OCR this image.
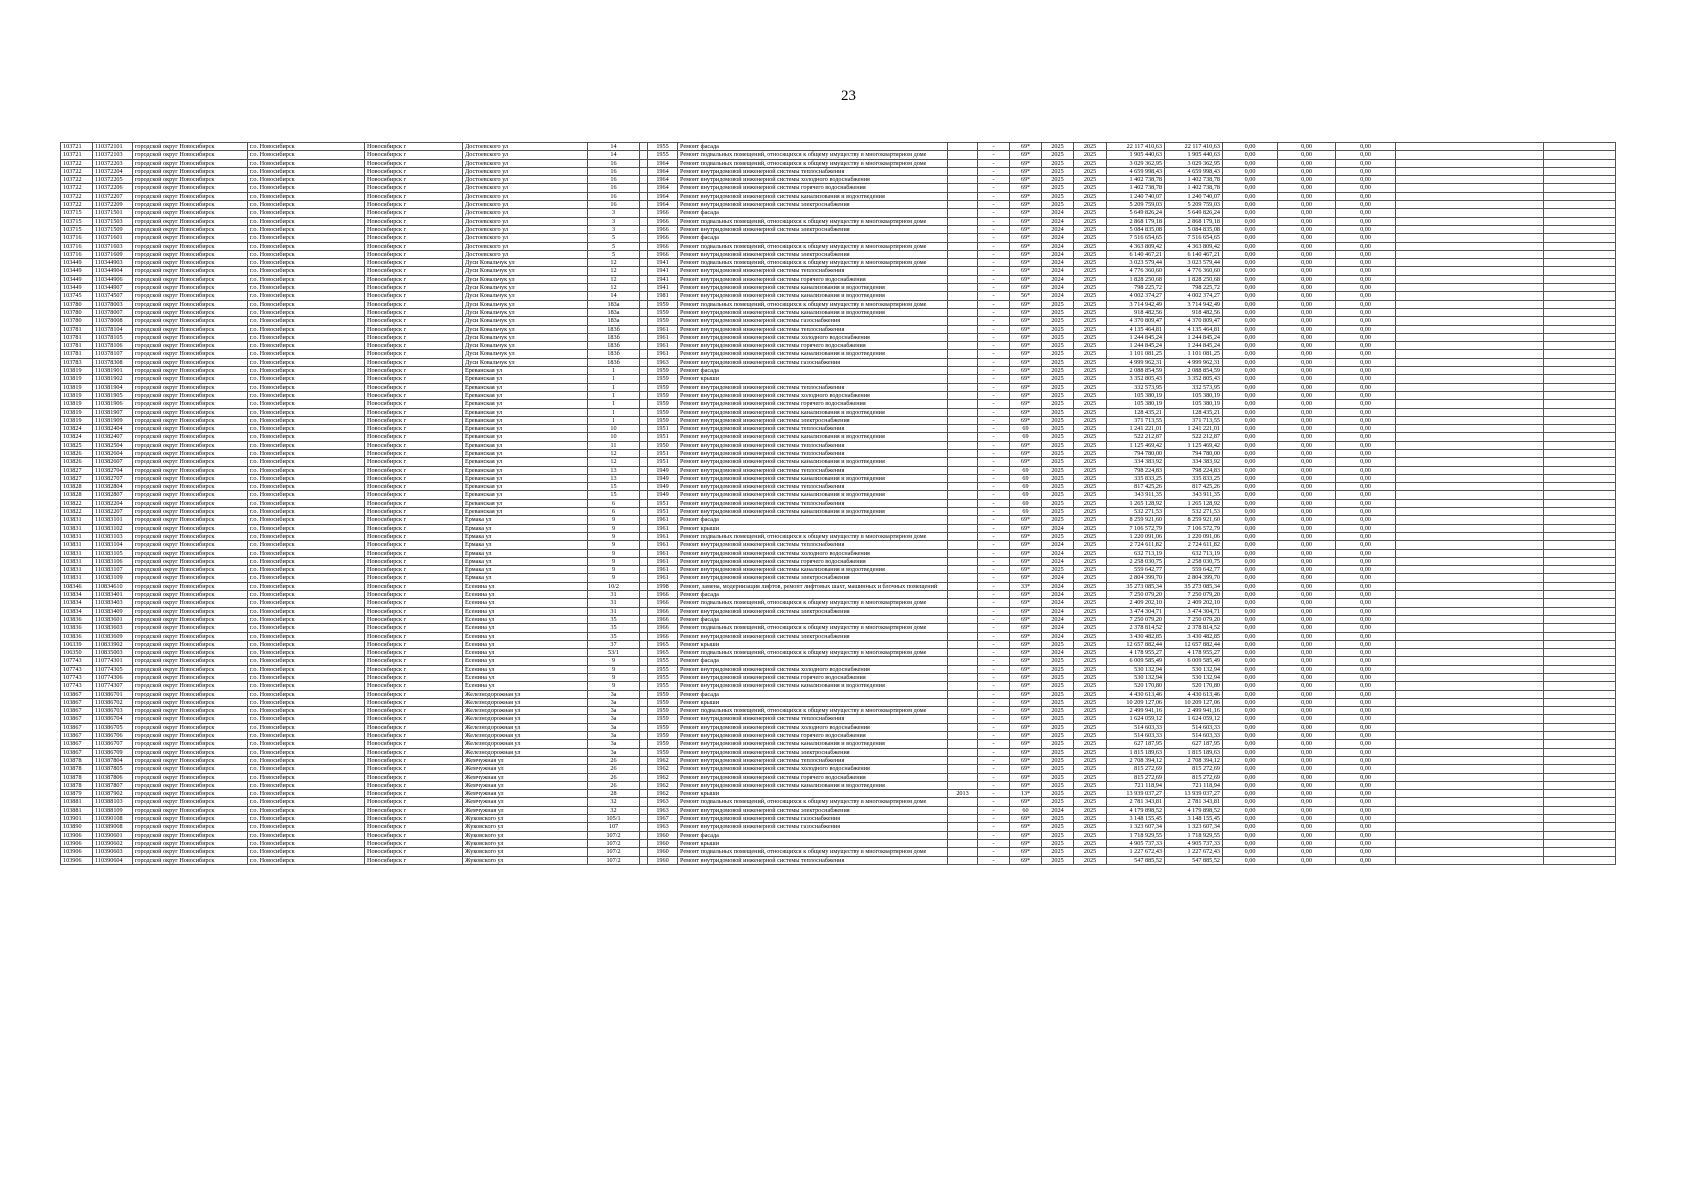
23
103721	110372101	городской округ Новосибирск	г.о. Новосибирск	Новосибирск г	Достоевского ул	14		1955	Ремонт фасада		-	69*	2025	2025	22 117 410,63	22 117 410,63	0,00	0,00	0,00		
103721	110372103	городской округ Новосибирск	г.о. Новосибирск	Новосибирск г	Достоевского ул	14		1955	Ремонт подвальных помещений, относящихся к общему имуществу в многоквартирном доме		-	69*	2025	2025	1 905 440,63	1 905 440,63	0,00	0,00	0,00		
103722	110372203	городской округ Новосибирск	г.о. Новосибирск	Новосибирск г	Достоевского ул	16		1964	Ремонт подвальных помещений, относящихся к общему имуществу в многоквартирном доме		-	69*	2025	2025	3 029 362,95	3 029 362,95	0,00	0,00	0,00		
103722	110372204	городской округ Новосибирск	г.о. Новосибирск	Новосибирск г	Достоевского ул	16		1964	Ремонт внутридомовой инженерной системы теплоснабжения		-	69*	2025	2025	4 659 998,43	4 659 998,43	0,00	0,00	0,00		
103722	110372205	городской округ Новосибирск	г.о. Новосибирск	Новосибирск г	Достоевского ул	16		1964	Ремонт внутридомовой инженерной системы холодного водоснабжения		-	69*	2025	2025	1 402 738,78	1 402 738,78	0,00	0,00	0,00		
103722	110372206	городской округ Новосибирск	г.о. Новосибирск	Новосибирск г	Достоевского ул	16		1964	Ремонт внутридомовой инженерной системы горячего водоснабжения		-	69*	2025	2025	1 402 738,78	1 402 738,78	0,00	0,00	0,00		
103722	110372207	городской округ Новосибирск	г.о. Новосибирск	Новосибирск г	Достоевского ул	16		1964	Ремонт внутридомовой инженерной системы канализования и водоотведения		-	69*	2025	2025	1 240 740,07	1 240 740,07	0,00	0,00	0,00		
103722	110372209	городской округ Новосибирск	г.о. Новосибирск	Новосибирск г	Достоевского ул	16		1964	Ремонт внутридомовой инженерной системы электроснабжения		-	69*	2025	2025	5 209 759,03	5 209 759,03	0,00	0,00	0,00		
103715	110371501	городской округ Новосибирск	г.о. Новосибирск	Новосибирск г	Достоевского ул	3		1966	Ремонт фасада		-	69*	2024	2025	5 649 826,24	5 649 826,24	0,00	0,00	0,00		
103715	110371503	городской округ Новосибирск	г.о. Новосибирск	Новосибирск г	Достоевского ул	3		1966	Ремонт подвальных помещений, относящихся к общему имуществу в многоквартирном доме		-	69*	2024	2025	2 868 179,18	2 868 179,18	0,00	0,00	0,00		
103715	110371509	городской округ Новосибирск	г.о. Новосибирск	Новосибирск г	Достоевского ул	3		1966	Ремонт внутридомовой инженерной системы электроснабжения		-	69*	2024	2025	5 084 835,08	5 084 835,08	0,00	0,00	0,00		
103716	110371601	городской округ Новосибирск	г.о. Новосибирск	Новосибирск г	Достоевского ул	5		1966	Ремонт фасада		-	69*	2024	2025	7 516 654,65	7 516 654,65	0,00	0,00	0,00		
103716	110371603	городской округ Новосибирск	г.о. Новосибирск	Новосибирск г	Достоевского ул	5		1966	Ремонт подвальных помещений, относящихся к общему имуществу в многоквартирном доме		-	69*	2024	2025	4 363 809,42	4 363 809,42	0,00	0,00	0,00		
103716	110371609	городской округ Новосибирск	г.о. Новосибирск	Новосибирск г	Достоевского ул	5		1966	Ремонт внутридомовой инженерной системы электроснабжения		-	69*	2024	2025	6 140 467,21	6 140 467,21	0,00	0,00	0,00		
103449	110344903	городской округ Новосибирск	г.о. Новосибирск	Новосибирск г	Дуси Ковальчук ул	12		1941	Ремонт подвальных помещений, относящихся к общему имуществу в многоквартирном доме		-	69*	2024	2025	3 023 579,44	3 023 579,44	0,00	0,00	0,00		
103449	110344904	городской округ Новосибирск	г.о. Новосибирск	Новосибирск г	Дуси Ковальчук ул	12		1941	Ремонт внутридомовой инженерной системы теплоснабжения		-	69*	2024	2025	4 776 360,60	4 776 360,60	0,00	0,00	0,00		
103449	110344906	городской округ Новосибирск	г.о. Новосибирск	Новосибирск г	Дуси Ковальчук ул	12		1941	Ремонт внутридомовой инженерной системы горячего водоснабжения		-	69*	2024	2025	1 828 250,68	1 828 250,68	0,00	0,00	0,00		
103449	110344907	городской округ Новосибирск	г.о. Новосибирск	Новосибирск г	Дуси Ковальчук ул	12		1941	Ремонт внутридомовой инженерной системы канализования и водоотведения		-	69*	2024	2025	798 225,72	798 225,72	0,00	0,00	0,00		
103745	110374507	городской округ Новосибирск	г.о. Новосибирск	Новосибирск г	Дуси Ковальчук ул	14		1981	Ремонт внутридомовой инженерной системы канализования и водоотведения		-	56*	2024	2025	4 002 374,27	4 002 374,27	0,00	0,00	0,00		
103780	110378003	городской округ Новосибирск	г.о. Новосибирск	Новосибирск г	Дуси Ковальчук ул	183а		1959	Ремонт подвальных помещений, относящихся к общему имуществу в многоквартирном доме		-	69*	2025	2025	3 714 942,49	3 714 942,49	0,00	0,00	0,00		
103780	110378007	городской округ Новосибирск	г.о. Новосибирск	Новосибирск г	Дуси Ковальчук ул	183а		1959	Ремонт внутридомовой инженерной системы канализования и водоотведения		-	69*	2025	2025	918 482,56	918 482,56	0,00	0,00	0,00		
103780	110378008	городской округ Новосибирск	г.о. Новосибирск	Новосибирск г	Дуси Ковальчук ул	183а		1959	Ремонт внутридомовой инженерной системы газоснабжения		-	69*	2025	2025	4 370 809,47	4 370 809,47	0,00	0,00	0,00		
103781	110378104	городской округ Новосибирск	г.о. Новосибирск	Новосибирск г	Дуси Ковальчук ул	183б		1961	Ремонт внутридомовой инженерной системы теплоснабжения		-	69*	2025	2025	4 135 464,81	4 135 464,81	0,00	0,00	0,00		
103781	110378105	городской округ Новосибирск	г.о. Новосибирск	Новосибирск г	Дуси Ковальчук ул	183б		1961	Ремонт внутридомовой инженерной системы холодного водоснабжения		-	69*	2025	2025	1 244 845,24	1 244 845,24	0,00	0,00	0,00		
103781	110378106	городской округ Новосибирск	г.о. Новосибирск	Новосибирск г	Дуси Ковальчук ул	183б		1961	Ремонт внутридомовой инженерной системы горячего водоснабжения		-	69*	2025	2025	1 244 845,24	1 244 845,24	0,00	0,00	0,00		
103781	110378107	городской округ Новосибирск	г.о. Новосибирск	Новосибирск г	Дуси Ковальчук ул	183б		1961	Ремонт внутридомовой инженерной системы канализования и водоотведения		-	69*	2025	2025	1 101 081,25	1 101 081,25	0,00	0,00	0,00		
103783	110378308	городской округ Новосибирск	г.о. Новосибирск	Новосибирск г	Дуси Ковальчук ул	183б		1963	Ремонт внутридомовой инженерной системы газоснабжения		-	69*	2025	2025	4 999 962,31	4 999 962,31	0,00	0,00	0,00		
103819	110381901	городской округ Новосибирск	г.о. Новосибирск	Новосибирск г	Ереванская ул	1		1959	Ремонт фасада		-	69*	2025	2025	2 088 854,59	2 088 854,59	0,00	0,00	0,00		
103819	110381902	городской округ Новосибирск	г.о. Новосибирск	Новосибирск г	Ереванская ул	1		1959	Ремонт крыши		-	69*	2025	2025	3 352 805,43	3 352 805,43	0,00	0,00	0,00		
103819	110381904	городской округ Новосибирск	г.о. Новосибирск	Новосибирск г	Ереванская ул	1		1959	Ремонт внутридомовой инженерной системы теплоснабжения		-	69*	2025	2025	332 573,95	332 573,95	0,00	0,00	0,00		
103819	110381905	городской округ Новосибирск	г.о. Новосибирск	Новосибирск г	Ереванская ул	1		1959	Ремонт внутридомовой инженерной системы холодного водоснабжения		-	69*	2025	2025	105 380,19	105 380,19	0,00	0,00	0,00		
103819	110381906	городской округ Новосибирск	г.о. Новосибирск	Новосибирск г	Ереванская ул	1		1959	Ремонт внутридомовой инженерной системы горячего водоснабжения		-	69*	2025	2025	105 380,19	105 380,19	0,00	0,00	0,00		
103819	110381907	городской округ Новосибирск	г.о. Новосибирск	Новосибирск г	Ереванская ул	1		1959	Ремонт внутридомовой инженерной системы канализования и водоотведения		-	69*	2025	2025	128 435,21	128 435,21	0,00	0,00	0,00		
103819	110381909	городской округ Новосибирск	г.о. Новосибирск	Новосибирск г	Ереванская ул	1		1959	Ремонт внутридомовой инженерной системы электроснабжения		-	69*	2025	2025	371 713,55	371 713,55	0,00	0,00	0,00		
103824	110382404	городской округ Новосибирск	г.о. Новосибирск	Новосибирск г	Ереванская ул	10		1951	Ремонт внутридомовой инженерной системы теплоснабжения		-	69	2025	2025	1 241 221,01	1 241 221,01	0,00	0,00	0,00		
103824	110382407	городской округ Новосибирск	г.о. Новосибирск	Новосибирск г	Ереванская ул	10		1951	Ремонт внутридомовой инженерной системы канализования и водоотведения		-	69	2025	2025	522 212,87	522 212,87	0,00	0,00	0,00		
103825	110382504	городской округ Новосибирск	г.о. Новосибирск	Новосибирск г	Ереванская ул	11		1950	Ремонт внутридомовой инженерной системы теплоснабжения		-	69*	2025	2025	1 125 469,42	1 125 469,42	0,00	0,00	0,00		
103826	110382604	городской округ Новосибирск	г.о. Новосибирск	Новосибирск г	Ереванская ул	12		1951	Ремонт внутридомовой инженерной системы теплоснабжения		-	69*	2025	2025	794 780,00	794 780,00	0,00	0,00	0,00		
103826	110382607	городской округ Новосибирск	г.о. Новосибирск	Новосибирск г	Ереванская ул	12		1951	Ремонт внутридомовой инженерной системы канализования и водоотведения		-	69*	2025	2025	334 383,92	334 383,92	0,00	0,00	0,00		
103827	110382704	городской округ Новосибирск	г.о. Новосибирск	Новосибирск г	Ереванская ул	13		1949	Ремонт внутридомовой инженерной системы теплоснабжения		-	69	2025	2025	798 224,83	798 224,83	0,00	0,00	0,00		
103827	110382707	городской округ Новосибирск	г.о. Новосибирск	Новосибирск г	Ереванская ул	13		1949	Ремонт внутридомовой инженерной системы канализования и водоотведения		-	69	2025	2025	335 833,25	335 833,25	0,00	0,00	0,00		
103828	110382804	городской округ Новосибирск	г.о. Новосибирск	Новосибирск г	Ереванская ул	15		1949	Ремонт внутридомовой инженерной системы теплоснабжения		-	69	2025	2025	817 425,26	817 425,26	0,00	0,00	0,00		
103828	110382807	городской округ Новосибирск	г.о. Новосибирск	Новосибирск г	Ереванская ул	15		1949	Ремонт внутридомовой инженерной системы канализования и водоотведения		-	69	2025	2025	343 911,35	343 911,35	0,00	0,00	0,00		
103822	110382204	городской округ Новосибирск	г.о. Новосибирск	Новосибирск г	Ереванская ул	6		1951	Ремонт внутридомовой инженерной системы теплоснабжения		-	69	2025	2025	1 265 128,92	1 265 128,92	0,00	0,00	0,00		
103822	110382207	городской округ Новосибирск	г.о. Новосибирск	Новосибирск г	Ереванская ул	6		1951	Ремонт внутридомовой инженерной системы канализования и водоотведения		-	69	2025	2025	532 271,53	532 271,53	0,00	0,00	0,00		
103831	110383101	городской округ Новосибирск	г.о. Новосибирск	Новосибирск г	Ермака ул	9		1961	Ремонт фасада		-	69*	2025	2025	8 259 921,60	8 259 921,60	0,00	0,00	0,00		
103831	110383102	городской округ Новосибирск	г.о. Новосибирск	Новосибирск г	Ермака ул	9		1961	Ремонт крыши		-	69*	2024	2025	7 106 572,79	7 106 572,79	0,00	0,00	0,00		
103831	110383103	городской округ Новосибирск	г.о. Новосибирск	Новосибирск г	Ермака ул	9		1961	Ремонт подвальных помещений, относящихся к общему имуществу в многоквартирном доме		-	69*	2025	2025	1 220 091,06	1 220 091,06	0,00	0,00	0,00		
103831	110383104	городской округ Новосибирск	г.о. Новосибирск	Новосибирск г	Ермака ул	9		1961	Ремонт внутридомовой инженерной системы теплоснабжения		-	69*	2024	2025	2 724 611,82	2 724 611,82	0,00	0,00	0,00		
103831	110383105	городской округ Новосибирск	г.о. Новосибирск	Новосибирск г	Ермака ул	9		1961	Ремонт внутридомовой инженерной системы холодного водоснабжения		-	69*	2024	2025	632 713,19	632 713,19	0,00	0,00	0,00		
103831	110383106	городской округ Новосибирск	г.о. Новосибирск	Новосибирск г	Ермака ул	9		1961	Ремонт внутридомовой инженерной системы горячего водоснабжения		-	69*	2024	2025	2 258 030,75	2 258 030,75	0,00	0,00	0,00		
103831	110383107	городской округ Новосибирск	г.о. Новосибирск	Новосибирск г	Ермака ул	9		1961	Ремонт внутридомовой инженерной системы канализования и водоотведения		-	69*	2025	2025	559 642,77	559 642,77	0,00	0,00	0,00		
103831	110383109	городской округ Новосибирск	г.о. Новосибирск	Новосибирск г	Ермака ул	9		1961	Ремонт внутридомовой инженерной системы электроснабжения		-	69*	2024	2025	2 804 399,70	2 804 399,70	0,00	0,00	0,00		
108346	110834610	городской округ Новосибирск	г.о. Новосибирск	Новосибирск г	Есенина ул	10/2		1998	Ремонт, замена, модернизация лифтов, ремонт лифтовых шахт, машинных и блочных помещений		-	33*	2024	2025	35 273 085,34	35 273 085,34	0,00	0,00	0,00		
103834	110383401	городской округ Новосибирск	г.о. Новосибирск	Новосибирск г	Есенина ул	31		1966	Ремонт фасада		-	69*	2024	2025	7 250 079,20	7 250 079,20	0,00	0,00	0,00		
103834	110383403	городской округ Новосибирск	г.о. Новосибирск	Новосибирск г	Есенина ул	31		1966	Ремонт подвальных помещений, относящихся к общему имуществу в многоквартирном доме		-	69*	2024	2025	2 409 202,10	2 409 202,10	0,00	0,00	0,00		
103834	110383409	городской округ Новосибирск	г.о. Новосибирск	Новосибирск г	Есенина ул	31		1966	Ремонт внутридомовой инженерной системы электроснабжения		-	69*	2024	2025	3 474 304,71	3 474 304,71	0,00	0,00	0,00		
103836	110383601	городской округ Новосибирск	г.о. Новосибирск	Новосибирск г	Есенина ул	35		1966	Ремонт фасада		-	69*	2024	2025	7 250 079,20	7 250 079,20	0,00	0,00	0,00		
103836	110383603	городской округ Новосибирск	г.о. Новосибирск	Новосибирск г	Есенина ул	35		1966	Ремонт подвальных помещений, относящихся к общему имуществу в многоквартирном доме		-	69*	2024	2025	2 378 814,52	2 378 814,52	0,00	0,00	0,00		
103836	110383609	городской округ Новосибирск	г.о. Новосибирск	Новосибирск г	Есенина ул	35		1966	Ремонт внутридомовой инженерной системы электроснабжения		-	69*	2024	2025	3 430 482,85	3 430 482,85	0,00	0,00	0,00		
106339	110833902	городской округ Новосибирск	г.о. Новосибирск	Новосибирск г	Есенина ул	37		1965	Ремонт крыши		-	69*	2025	2025	12 657 882,44	12 657 882,44	0,00	0,00	0,00		
106350	110835003	городской округ Новосибирск	г.о. Новосибирск	Новосибирск г	Есенина ул	53/1		1965	Ремонт подвальных помещений, относящихся к общему имуществу в многоквартирном доме		-	69*	2024	2025	4 178 955,27	4 178 955,27	0,00	0,00	0,00		
107743	110774301	городской округ Новосибирск	г.о. Новосибирск	Новосибирск г	Есенина ул	9		1955	Ремонт фасада		-	69*	2025	2025	6 009 585,49	6 009 585,49	0,00	0,00	0,00		
107743	110774305	городской округ Новосибирск	г.о. Новосибирск	Новосибирск г	Есенина ул	9		1955	Ремонт внутридомовой инженерной системы холодного водоснабжения		-	69*	2025	2025	530 132,94	530 132,94	0,00	0,00	0,00		
107743	110774306	городской округ Новосибирск	г.о. Новосибирск	Новосибирск г	Есенина ул	9		1955	Ремонт внутридомовой инженерной системы горячего водоснабжения		-	69*	2025	2025	530 132,94	530 132,94	0,00	0,00	0,00		
107743	110774307	городской округ Новосибирск	г.о. Новосибирск	Новосибирск г	Есенина ул	9		1955	Ремонт внутридомовой инженерной системы канализования и водоотведения		-	69*	2025	2025	520 170,80	520 170,80	0,00	0,00	0,00		
103867	110386701	городской округ Новосибирск	г.о. Новосибирск	Новосибирск г	Железнодорожная ул	3а		1959	Ремонт фасада		-	69*	2025	2025	4 430 613,46	4 430 613,46	0,00	0,00	0,00		
103867	110386702	городской округ Новосибирск	г.о. Новосибирск	Новосибирск г	Железнодорожная ул	3а		1959	Ремонт крыши		-	69*	2025	2025	10 209 127,06	10 209 127,06	0,00	0,00	0,00		
103867	110386703	городской округ Новосибирск	г.о. Новосибирск	Новосибирск г	Железнодорожная ул	3а		1959	Ремонт подвальных помещений, относящихся к общему имуществу в многоквартирном доме		-	69*	2025	2025	2 499 941,16	2 499 941,16	0,00	0,00	0,00		
103867	110386704	городской округ Новосибирск	г.о. Новосибирск	Новосибирск г	Железнодорожная ул	3а		1959	Ремонт внутридомовой инженерной системы теплоснабжения		-	69*	2025	2025	1 624 059,12	1 624 059,12	0,00	0,00	0,00		
103867	110386705	городской округ Новосибирск	г.о. Новосибирск	Новосибирск г	Железнодорожная ул	3а		1959	Ремонт внутридомовой инженерной системы холодного водоснабжения		-	69*	2025	2025	514 603,33	514 603,33	0,00	0,00	0,00		
103867	110386706	городской округ Новосибирск	г.о. Новосибирск	Новосибирск г	Железнодорожная ул	3а		1959	Ремонт внутридомовой инженерной системы горячего водоснабжения		-	69*	2025	2025	514 603,33	514 603,33	0,00	0,00	0,00		
103867	110386707	городской округ Новосибирск	г.о. Новосибирск	Новосибирск г	Железнодорожная ул	3а		1959	Ремонт внутридомовой инженерной системы канализования и водоотведения		-	69*	2025	2025	627 187,95	627 187,95	0,00	0,00	0,00		
103867	110386709	городской округ Новосибирск	г.о. Новосибирск	Новосибирск г	Железнодорожная ул	3а		1959	Ремонт внутридомовой инженерной системы электроснабжения		-	69*	2025	2025	1 815 189,63	1 815 189,63	0,00	0,00	0,00		
103878	110387804	городской округ Новосибирск	г.о. Новосибирск	Новосибирск г	Жемчужная ул	26		1962	Ремонт внутридомовой инженерной системы теплоснабжения		-	69*	2025	2025	2 708 394,12	2 708 394,12	0,00	0,00	0,00		
103878	110387805	городской округ Новосибирск	г.о. Новосибирск	Новосибирск г	Жемчужная ул	26		1962	Ремонт внутридомовой инженерной системы холодного водоснабжения		-	69*	2025	2025	815 272,69	815 272,69	0,00	0,00	0,00		
103878	110387806	городской округ Новосибирск	г.о. Новосибирск	Новосибирск г	Жемчужная ул	26		1962	Ремонт внутридомовой инженерной системы горячего водоснабжения		-	69*	2025	2025	815 272,69	815 272,69	0,00	0,00	0,00		
103878	110387807	городской округ Новосибирск	г.о. Новосибирск	Новосибирск г	Жемчужная ул	26		1962	Ремонт внутридомовой инженерной системы канализования и водоотведения		-	69*	2025	2025	721 118,94	721 118,94	0,00	0,00	0,00		
103879	110387902	городской округ Новосибирск	г.о. Новосибирск	Новосибирск г	Жемчужная ул	28		1962	Ремонт крыши	2013	-	13*	2025	2025	13 939 037,27	13 939 037,27	0,00	0,00	0,00		
103881	110388103	городской округ Новосибирск	г.о. Новосибирск	Новосибирск г	Жемчужная ул	32		1963	Ремонт подвальных помещений, относящихся к общему имуществу в многоквартирном доме		-	69*	2025	2025	2 781 343,81	2 781 343,81	0,00	0,00	0,00		
103881	110388109	городской округ Новосибирск	г.о. Новосибирск	Новосибирск г	Жемчужная ул	32		1963	Ремонт внутридомовой инженерной системы электроснабжения		-	60	2024	2025	4 179 898,52	4 179 898,52	0,00	0,00	0,00		
103901	110390108	городской округ Новосибирск	г.о. Новосибирск	Новосибирск г	Жуковского ул	105/1		1967	Ремонт внутридомовой инженерной системы газоснабжения		-	69*	2025	2025	3 148 155,45	3 148 155,45	0,00	0,00	0,00		
103890	110389008	городской округ Новосибирск	г.о. Новосибирск	Новосибирск г	Жуковского ул	107		1963	Ремонт внутридомовой инженерной системы газоснабжения		-	69*	2025	2025	1 323 607,34	1 323 607,34	0,00	0,00	0,00		
103906	110390601	городской округ Новосибирск	г.о. Новосибирск	Новосибирск г	Жуковского ул	107/2		1960	Ремонт фасада		-	69*	2025	2025	1 718 929,55	1 718 929,55	0,00	0,00	0,00		
103906	110390602	городской округ Новосибирск	г.о. Новосибирск	Новосибирск г	Жуковского ул	107/2		1960	Ремонт крыши		-	69*	2025	2025	4 905 737,33	4 905 737,33	0,00	0,00	0,00		
103906	110390603	городской округ Новосибирск	г.о. Новосибирск	Новосибирск г	Жуковского ул	107/2		1960	Ремонт подвальных помещений, относящихся к общему имуществу в многоквартирном доме		-	69*	2025	2025	1 227 672,43	1 227 672,43	0,00	0,00	0,00		
103906	110390604	городской округ Новосибирск	г.о. Новосибирск	Новосибирск г	Жуковского ул	107/2		1960	Ремонт внутридомовой инженерной системы теплоснабжения		-	69*	2025	2025	547 885,52	547 885,52	0,00	0,00	0,00		
